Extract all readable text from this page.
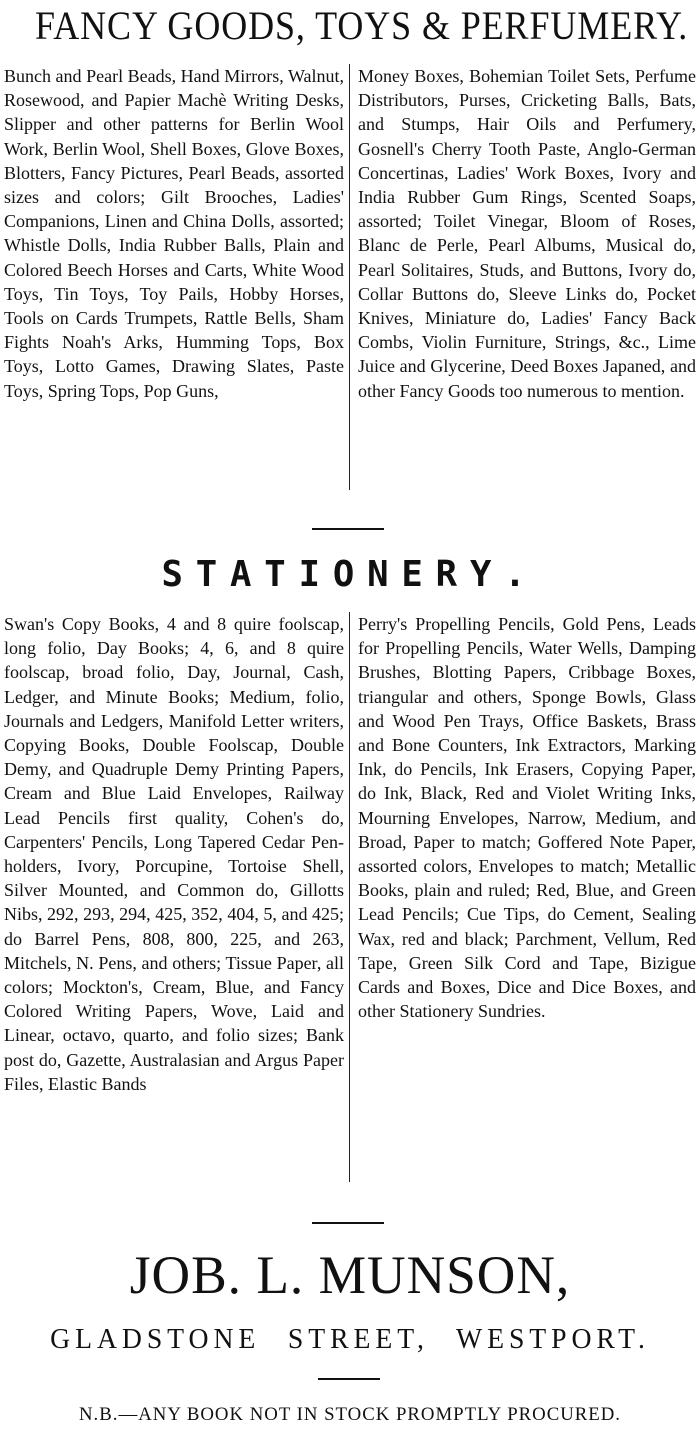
FANCY GOODS, TOYS & PERFUMERY.
Bunch and Pearl Beads, Hand Mirrors, Walnut, Rosewood, and Papier Machè Writing Desks, Slipper and other patterns for Berlin Wool Work, Berlin Wool, Shell Boxes, Glove Boxes, Blotters, Fancy Pictures, Pearl Beads, assorted sizes and colors; Gilt Brooches, Ladies' Companions, Linen and China Dolls, assorted; Whistle Dolls, India Rubber Balls, Plain and Colored Beech Horses and Carts, White Wood Toys, Tin Toys, Toy Pails, Hobby Horses, Tools on Cards Trumpets, Rattle Bells, Sham Fights Noah's Arks, Humming Tops, Box Toys, Lotto Games, Drawing Slates, Paste Toys, Spring Tops, Pop Guns,
Money Boxes, Bohemian Toilet Sets, Perfume Distributors, Purses, Cricketing Balls, Bats, and Stumps, Hair Oils and Perfumery, Gosnell's Cherry Tooth Paste, Anglo-German Concertinas, Ladies' Work Boxes, Ivory and India Rubber Gum Rings, Scented Soaps, assorted; Toilet Vinegar, Bloom of Roses, Blanc de Perle, Pearl Albums, Musical do, Pearl Solitaires, Studs, and Buttons, Ivory do, Collar Buttons do, Sleeve Links do, Pocket Knives, Miniature do, Ladies' Fancy Back Combs, Violin Furniture, Strings, &c., Lime Juice and Glycerine, Deed Boxes Japaned, and other Fancy Goods too numerous to mention.
STATIONERY.
Swan's Copy Books, 4 and 8 quire foolscap, long folio, Day Books; 4, 6, and 8 quire foolscap, broad folio, Day, Journal, Cash, Ledger, and Minute Books; Medium, folio, Journals and Ledgers, Manifold Letter writers, Copying Books, Double Foolscap, Double Demy, and Quadruple Demy Printing Papers, Cream and Blue Laid Envelopes, Railway Lead Pencils first quality, Cohen's do, Carpenters' Pencils, Long Tapered Cedar Penholders, Ivory, Porcupine, Tortoise Shell, Silver Mounted, and Common do, Gillotts Nibs, 292, 293, 294, 425, 352, 404, 5, and 425; do Barrel Pens, 808, 800, 225, and 263, Mitchels, N. Pens, and others; Tissue Paper, all colors; Mockton's, Cream, Blue, and Fancy Colored Writing Papers, Wove, Laid and Linear, octavo, quarto, and folio sizes; Bank post do, Gazette, Australasian and Argus Paper Files, Elastic Bands
Perry's Propelling Pencils, Gold Pens, Leads for Propelling Pencils, Water Wells, Damping Brushes, Blotting Papers, Cribbage Boxes, triangular and others, Sponge Bowls, Glass and Wood Pen Trays, Office Baskets, Brass and Bone Counters, Ink Extractors, Marking Ink, do Pencils, Ink Erasers, Copying Paper, do Ink, Black, Red and Violet Writing Inks, Mourning Envelopes, Narrow, Medium, and Broad, Paper to match; Goffered Note Paper, assorted colors, Envelopes to match; Metallic Books, plain and ruled; Red, Blue, and Green Lead Pencils; Cue Tips, do Cement, Sealing Wax, red and black; Parchment, Vellum, Red Tape, Green Silk Cord and Tape, Bizigue Cards and Boxes, Dice and Dice Boxes, and other Stationery Sundries.
JOB. L. MUNSON,
GLADSTONE STREET, WESTPORT.
N.B.—ANY BOOK NOT IN STOCK PROMPTLY PROCURED.
